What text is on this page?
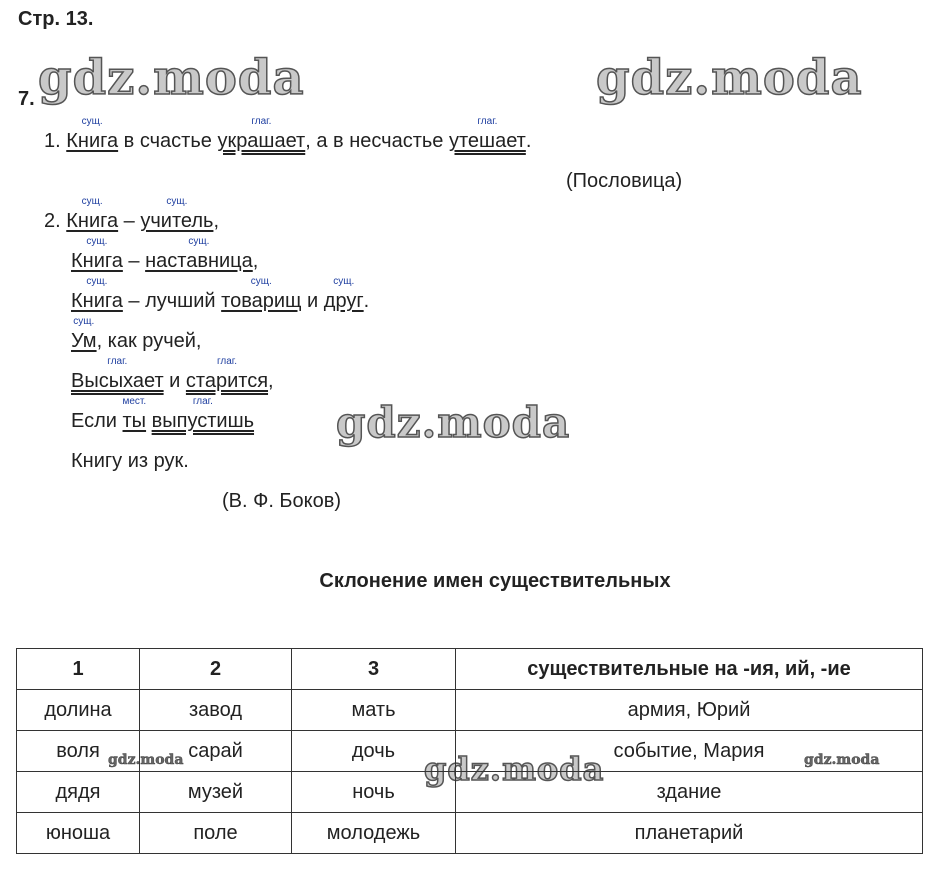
Стр. 13.
7. gdz.moda	gdz.moda
gdz.moda
gdz.moda
gdz.moda	gdz.moda
1.
сущ.
Книга в счастье
глаг.
украшает, а в несчастье
глаг.
утешает.
(Пословица)
2.
сущ.
Книга –
сущ.
учитель,
сущ.
Книга –
сущ.
наставница,
сущ.
Книга – лучший
сущ.
товарищ и
сущ.
друг.
сущ.
Ум, как ручей,
глаг.
Высыхает и
глаг.
старится,
Если
мест.
ты
глаг.
выпустишь
Книгу из рук.
(В. Ф. Боков)
Склонение имен существительных
1	2	3	существительные на -ия, ий, -ие
долина	завод	мать	армия, Юрий
воля	сарай	дочь	событие, Мария
дядя	музей	ночь	здание
юноша	поле	молодежь	планетарий
